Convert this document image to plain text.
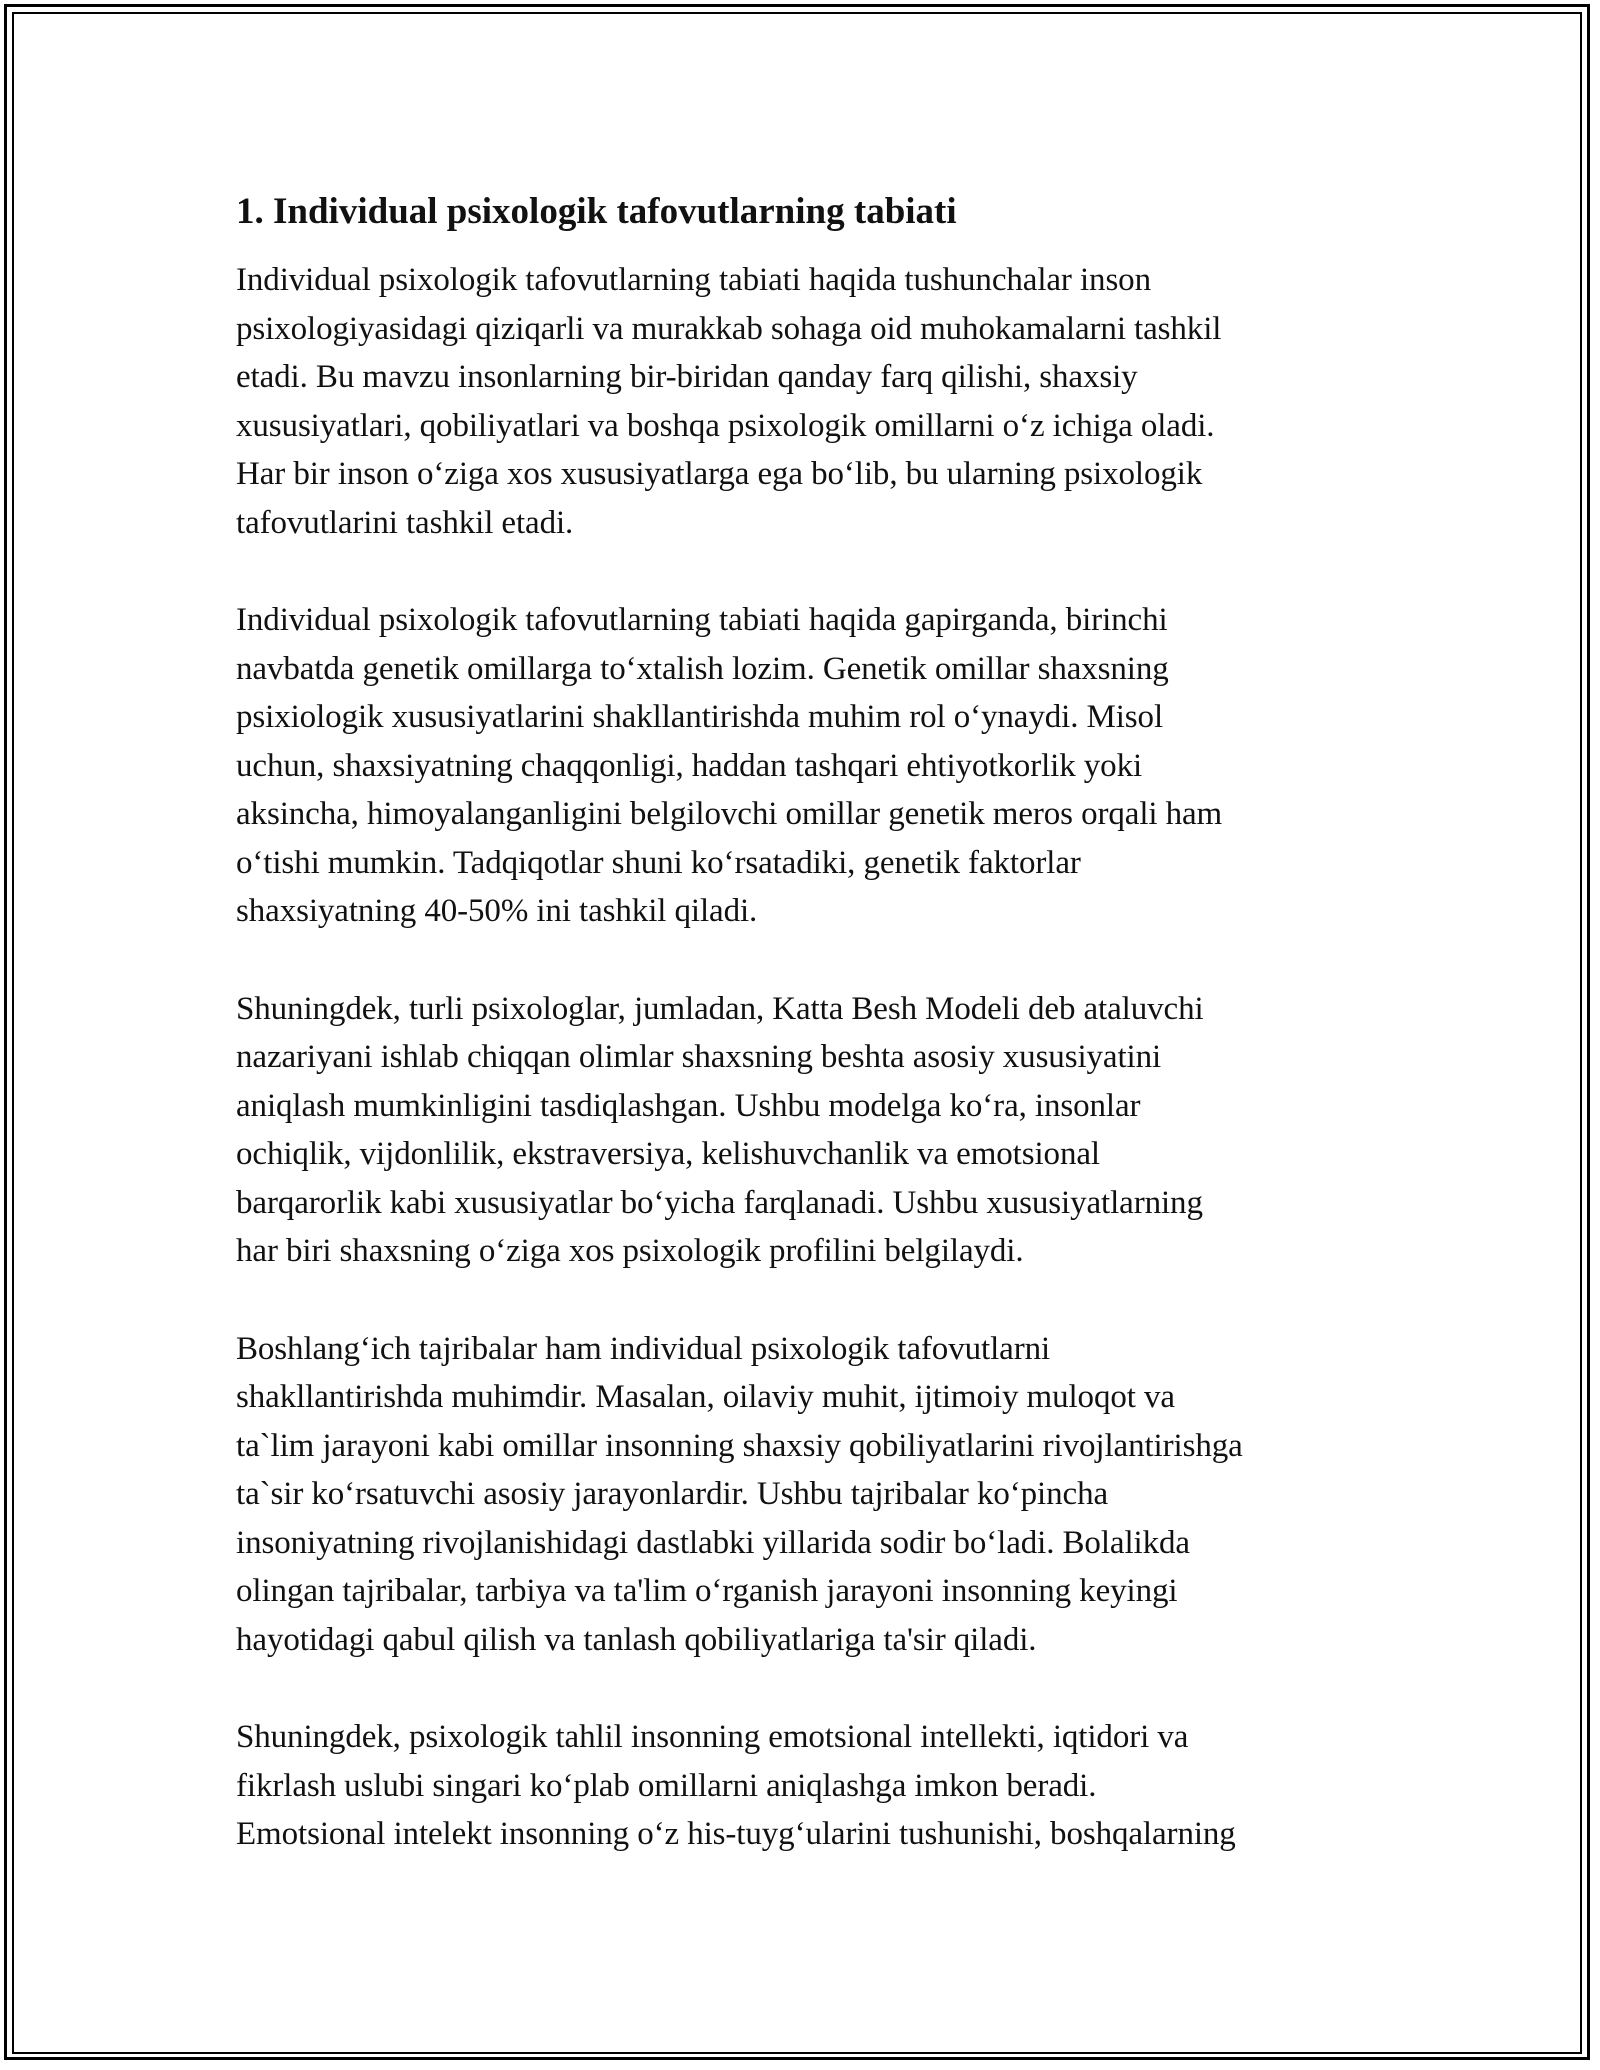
1. Individual psixologik tafovutlarning tabiati

Individual psixologik tafovutlarning tabiati haqida tushunchalar inson
psixologiyasidagi qiziqarli va murakkab sohaga oid muhokamalarni tashkil
etadi. Bu mavzu insonlarning bir-biridan qanday farq qilishi, shaxsiy
xususiyatlari, qobiliyatlari va boshqa psixologik omillarni o‘z ichiga oladi.
Har bir inson o‘ziga xos xususiyatlarga ega bo‘lib, bu ularning psixologik
tafovutlarini tashkil etadi.

Individual psixologik tafovutlarning tabiati haqida gapirganda, birinchi
navbatda genetik omillarga to‘xtalish lozim. Genetik omillar shaxsning
psixiologik xususiyatlarini shakllantirishda muhim rol o‘ynaydi. Misol
uchun, shaxsiyatning chaqqonligi, haddan tashqari ehtiyotkorlik yoki
aksincha, himoyalanganligini belgilovchi omillar genetik meros orqali ham
o‘tishi mumkin. Tadqiqotlar shuni ko‘rsatadiki, genetik faktorlar
shaxsiyatning 40-50% ini tashkil qiladi.

Shuningdek, turli psixologlar, jumladan, Katta Besh Modeli deb ataluvchi
nazariyani ishlab chiqqan olimlar shaxsning beshta asosiy xususiyatini
aniqlash mumkinligini tasdiqlashgan. Ushbu modelga ko‘ra, insonlar
ochiqlik, vijdonlilik, ekstraversiya, kelishuvchanlik va emotsional
barqarorlik kabi xususiyatlar bo‘yicha farqlanadi. Ushbu xususiyatlarning
har biri shaxsning o‘ziga xos psixologik profilini belgilaydi.

Boshlang‘ich tajribalar ham individual psixologik tafovutlarni
shakllantirishda muhimdir. Masalan, oilaviy muhit, ijtimoiy muloqot va
ta`lim jarayoni kabi omillar insonning shaxsiy qobiliyatlarini rivojlantirishga
ta`sir ko‘rsatuvchi asosiy jarayonlardir. Ushbu tajribalar ko‘pincha
insoniyatning rivojlanishidagi dastlabki yillarida sodir bo‘ladi. Bolalikda
olingan tajribalar, tarbiya va ta'lim o‘rganish jarayoni insonning keyingi
hayotidagi qabul qilish va tanlash qobiliyatlariga ta'sir qiladi.

Shuningdek, psixologik tahlil insonning emotsional intellekti, iqtidori va
fikrlash uslubi singari ko‘plab omillarni aniqlashga imkon beradi.
Emotsional intelekt insonning o‘z his-tuyg‘ularini tushunishi, boshqalarning
